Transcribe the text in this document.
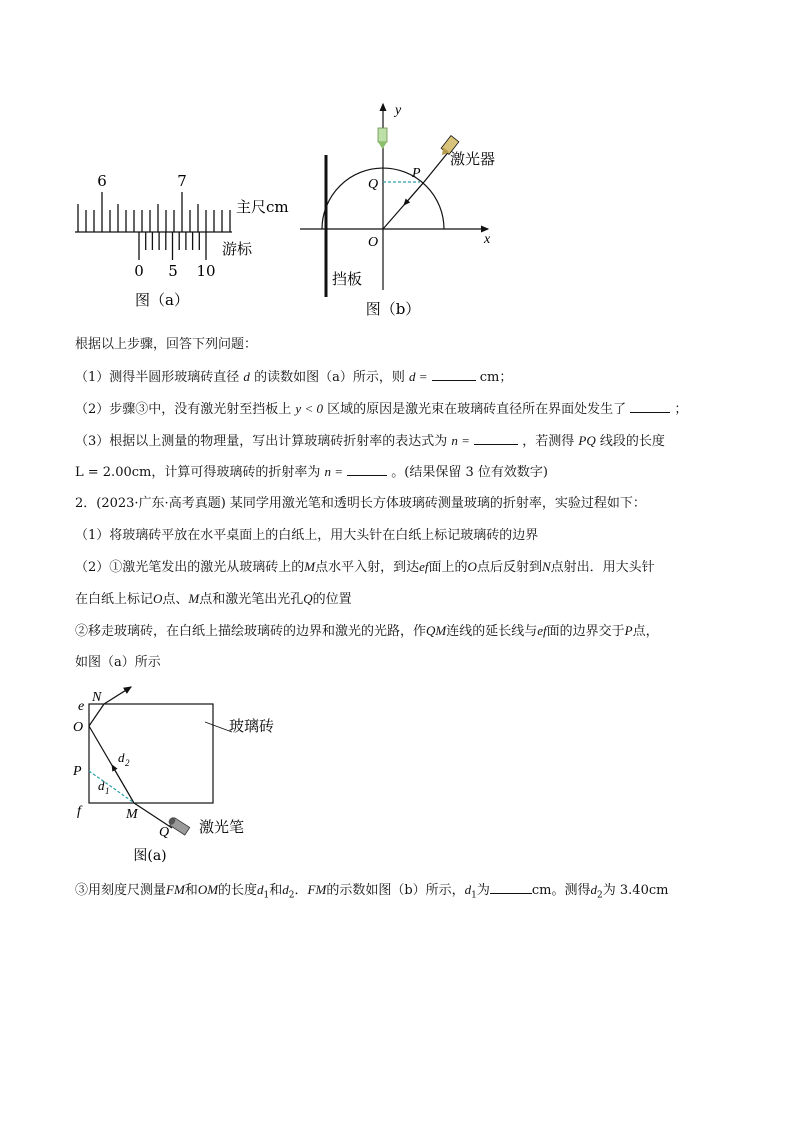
6	7
主尺cm
0 5 10
游标
图（a）
y
x
O
Q
P
激光器
挡板
图（b）
e
N
O
P
f	M
Q
d 2
d 1
玻璃砖
激光笔
图(a)
根据以上步骤，回答下列问题：
（1）测得半圆形玻璃砖直径 d 的读数如图（a）所示，则 d =	cm；
（2）步骤③中，没有激光射至挡板上 y < 0 区域的原因是激光束在玻璃砖直径所在界面处发生了	；
（3）根据以上测量的物理量，写出计算玻璃砖折射率的表达式为 n =	，若测得 PQ 线段的长度
L = 2.00cm，计算可得玻璃砖的折射率为 n =	。(结果保留 3 位有效数字)
2．(2023·广东·高考真题) 某同学用激光笔和透明长方体玻璃砖测量玻璃的折射率，实验过程如下：
（1）将玻璃砖平放在水平桌面上的白纸上，用大头针在白纸上标记玻璃砖的边界
（2）①激光笔发出的激光从玻璃砖上的M点水平入射，到达ef面上的O点后反射到N点射出．用大头针
在白纸上标记O点、M点和激光笔出光孔Q的位置
②移走玻璃砖，在白纸上描绘玻璃砖的边界和激光的光路，作QM连线的延长线与ef面的边界交于P点，
如图（a）所示
③用刻度尺测量FM和OM的长度$d_1$和$d_2$．FM的示数如图（b）所示，$d_1$为	cm。测得$d_2$为 3.40cm
